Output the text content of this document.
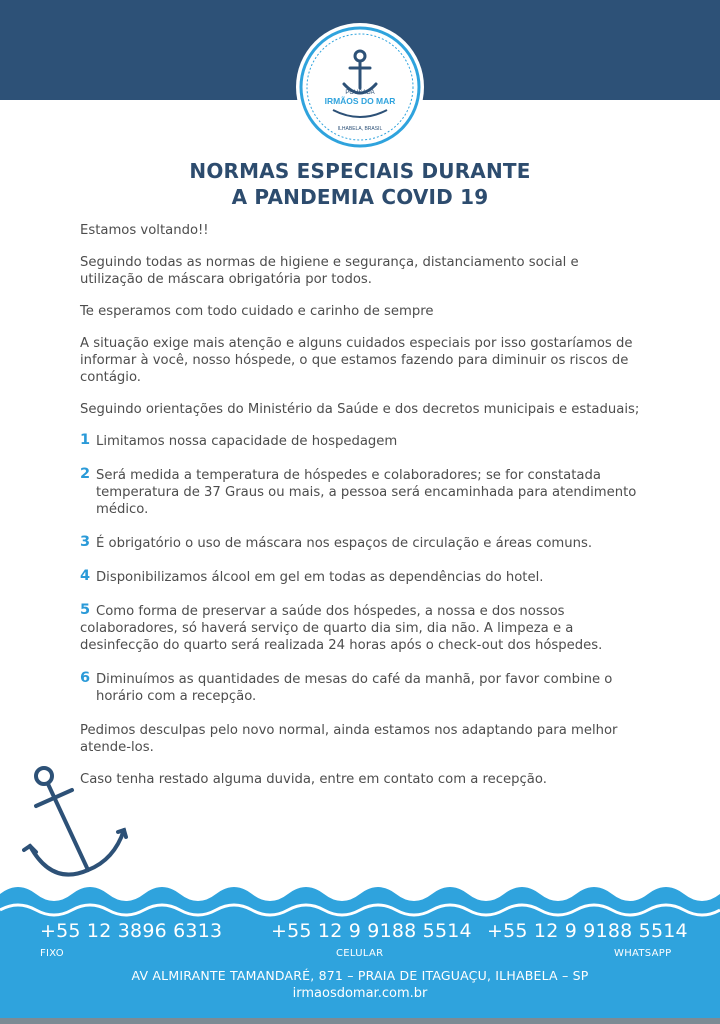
POUSADA
IRMÃOS DO MAR
ILHABELA, BRASIL
NORMAS ESPECIAIS DURANTE
A PANDEMIA COVID 19

Estamos voltando!!

Seguindo todas as normas de higiene e segurança, distanciamento social e utilização de máscara obrigatória por todos.

Te esperamos com todo cuidado e carinho de sempre

A situação exige mais atenção e alguns cuidados especiais por isso gostaríamos de informar à você, nosso hóspede, o que estamos fazendo para diminuir os riscos de contágio.

Seguindo orientações do Ministério da Saúde e dos decretos municipais e estaduais;

1 Limitamos nossa capacidade de hospedagem
2 Será medida a temperatura de hóspedes e colaboradores; se for constatada temperatura de 37 Graus ou mais, a pessoa será encaminhada para atendimento médico.
3 É obrigatório o uso de máscara nos espaços de circulação e áreas comuns.
4 Disponibilizamos álcool em gel em todas as dependências do hotel.
5 Como forma de preservar a saúde dos hóspedes, a nossa e dos nossos colaboradores, só haverá serviço de quarto dia sim, dia não. A limpeza e a desinfecção do quarto será realizada 24 horas após o check-out dos hóspedes.
6 Diminuímos as quantidades de mesas do café da manhã, por favor combine o horário com a recepção.

Pedimos desculpas pelo novo normal, ainda estamos nos adaptando para melhor atende-los.

Caso tenha restado alguma duvida, entre em contato com a recepção.

+55 12 3896 6313
FIXO
+55 12 9 9188 5514
CELULAR
+55 12 9 9188 5514
WHATSAPP
AV ALMIRANTE TAMANDARÉ, 871 – PRAIA DE ITAGUAÇU, ILHABELA – SP
irmaosdomar.com.br
